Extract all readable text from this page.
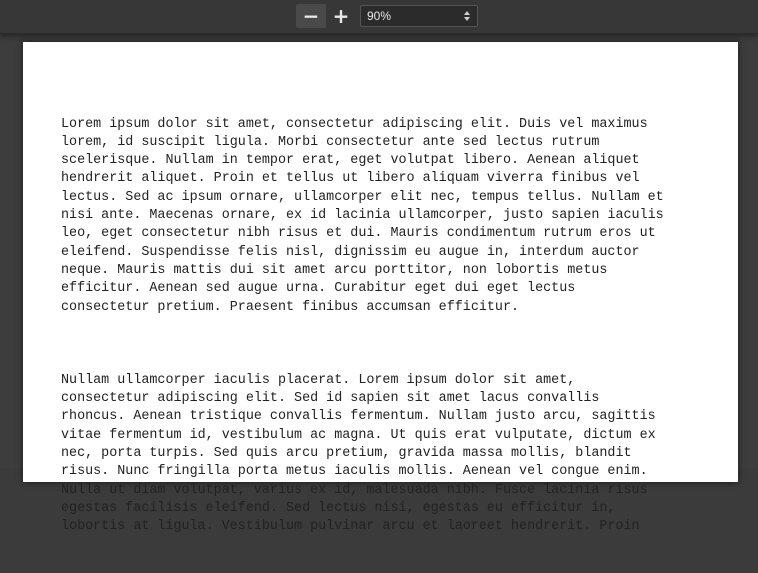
− + 90%

Lorem ipsum dolor sit amet, consectetur adipiscing elit. Duis vel maximus
lorem, id suscipit ligula. Morbi consectetur ante sed lectus rutrum
scelerisque. Nullam in tempor erat, eget volutpat libero. Aenean aliquet
hendrerit aliquet. Proin et tellus ut libero aliquam viverra finibus vel
lectus. Sed ac ipsum ornare, ullamcorper elit nec, tempus tellus. Nullam et
nisi ante. Maecenas ornare, ex id lacinia ullamcorper, justo sapien iaculis
leo, eget consectetur nibh risus et dui. Mauris condimentum rutrum eros ut
eleifend. Suspendisse felis nisl, dignissim eu augue in, interdum auctor
neque. Mauris mattis dui sit amet arcu porttitor, non lobortis metus
efficitur. Aenean sed augue urna. Curabitur eget dui eget lectus
consectetur pretium. Praesent finibus accumsan efficitur.

Nullam ullamcorper iaculis placerat. Lorem ipsum dolor sit amet,
consectetur adipiscing elit. Sed id sapien sit amet lacus convallis
rhoncus. Aenean tristique convallis fermentum. Nullam justo arcu, sagittis
vitae fermentum id, vestibulum ac magna. Ut quis erat vulputate, dictum ex
nec, porta turpis. Sed quis arcu pretium, gravida massa mollis, blandit
risus. Nunc fringilla porta metus iaculis mollis. Aenean vel congue enim.
Nulla ut diam volutpat, varius ex id, malesuada nibh. Fusce lacinia risus
egestas facilisis eleifend. Sed lectus nisi, egestas eu efficitur in,
lobortis at ligula. Vestibulum pulvinar arcu et laoreet hendrerit. Proin
